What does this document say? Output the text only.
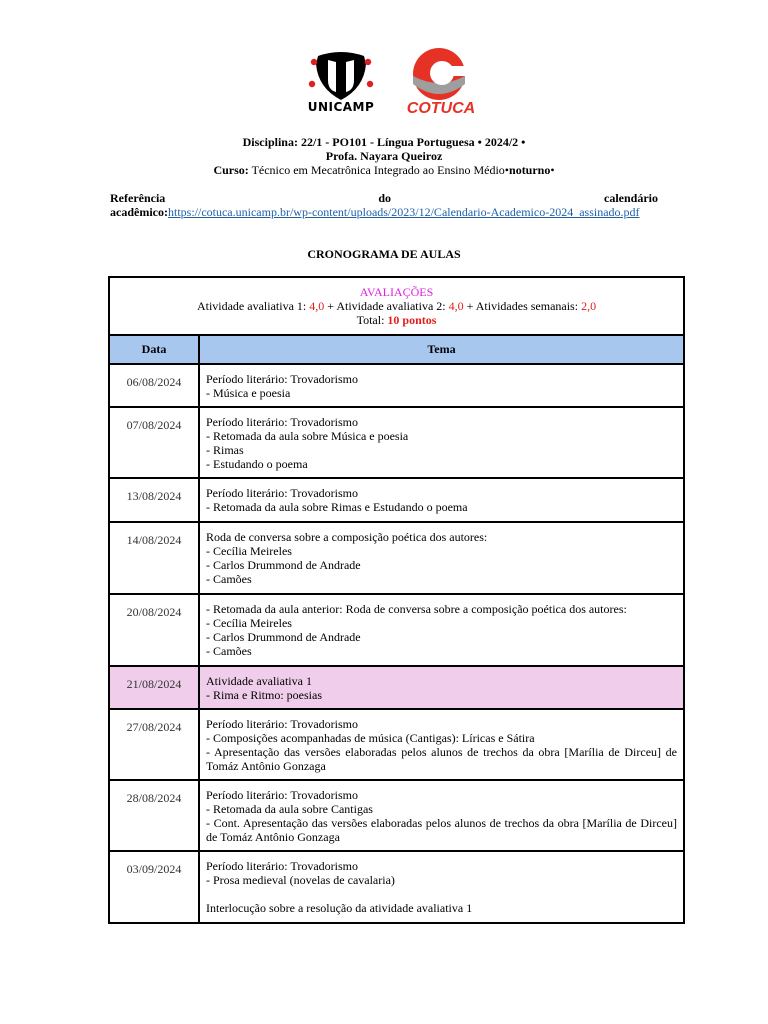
UNICAMP COTUCA
Disciplina: 22/1 - PO101 - Língua Portuguesa • 2024/2 •
Profa. Nayara Queiroz
Curso: Técnico em Mecatrônica Integrado ao Ensino Médio•noturno•
Referência	do	calendário
acadêmico:https://cotuca.unicamp.br/wp-content/uploads/2023/12/Calendario-Academico-2024_assinado.pdf
CRONOGRAMA DE AULAS
AVALIAÇÕES
Atividade avaliativa 1: 4,0 + Atividade avaliativa 2: 4,0 + Atividades semanais: 2,0
Total: 10 pontos	

Data	Tema

06/08/2024	Período literário: Trovadorismo
- Música e poesia

07/08/2024	Período literário: Trovadorismo
- Retomada da aula sobre Música e poesia
- Rimas
- Estudando o poema

13/08/2024	Período literário: Trovadorismo
- Retomada da aula sobre Rimas e Estudando o poema

14/08/2024	Roda de conversa sobre a composição poética dos autores:
- Cecília Meireles
- Carlos Drummond de Andrade
- Camões

20/08/2024	- Retomada da aula anterior: Roda de conversa sobre a composição poética dos autores:
- Cecília Meireles
- Carlos Drummond de Andrade
- Camões

21/08/2024	Atividade avaliativa 1
- Rima e Ritmo: poesias

27/08/2024	Período literário: Trovadorismo
- Composições acompanhadas de música (Cantigas): Líricas e Sátira
- Apresentação das versões elaboradas pelos alunos de trechos da obra [Marília de Dirceu] de Tomáz Antônio Gonzaga

28/08/2024	Período literário: Trovadorismo
- Retomada da aula sobre Cantigas
- Cont. Apresentação das versões elaboradas pelos alunos de trechos da obra [Marília de Dirceu] de Tomáz Antônio Gonzaga

03/09/2024	Período literário: Trovadorismo
- Prosa medieval (novelas de cavalaria)
Interlocução sobre a resolução da atividade avaliativa 1
